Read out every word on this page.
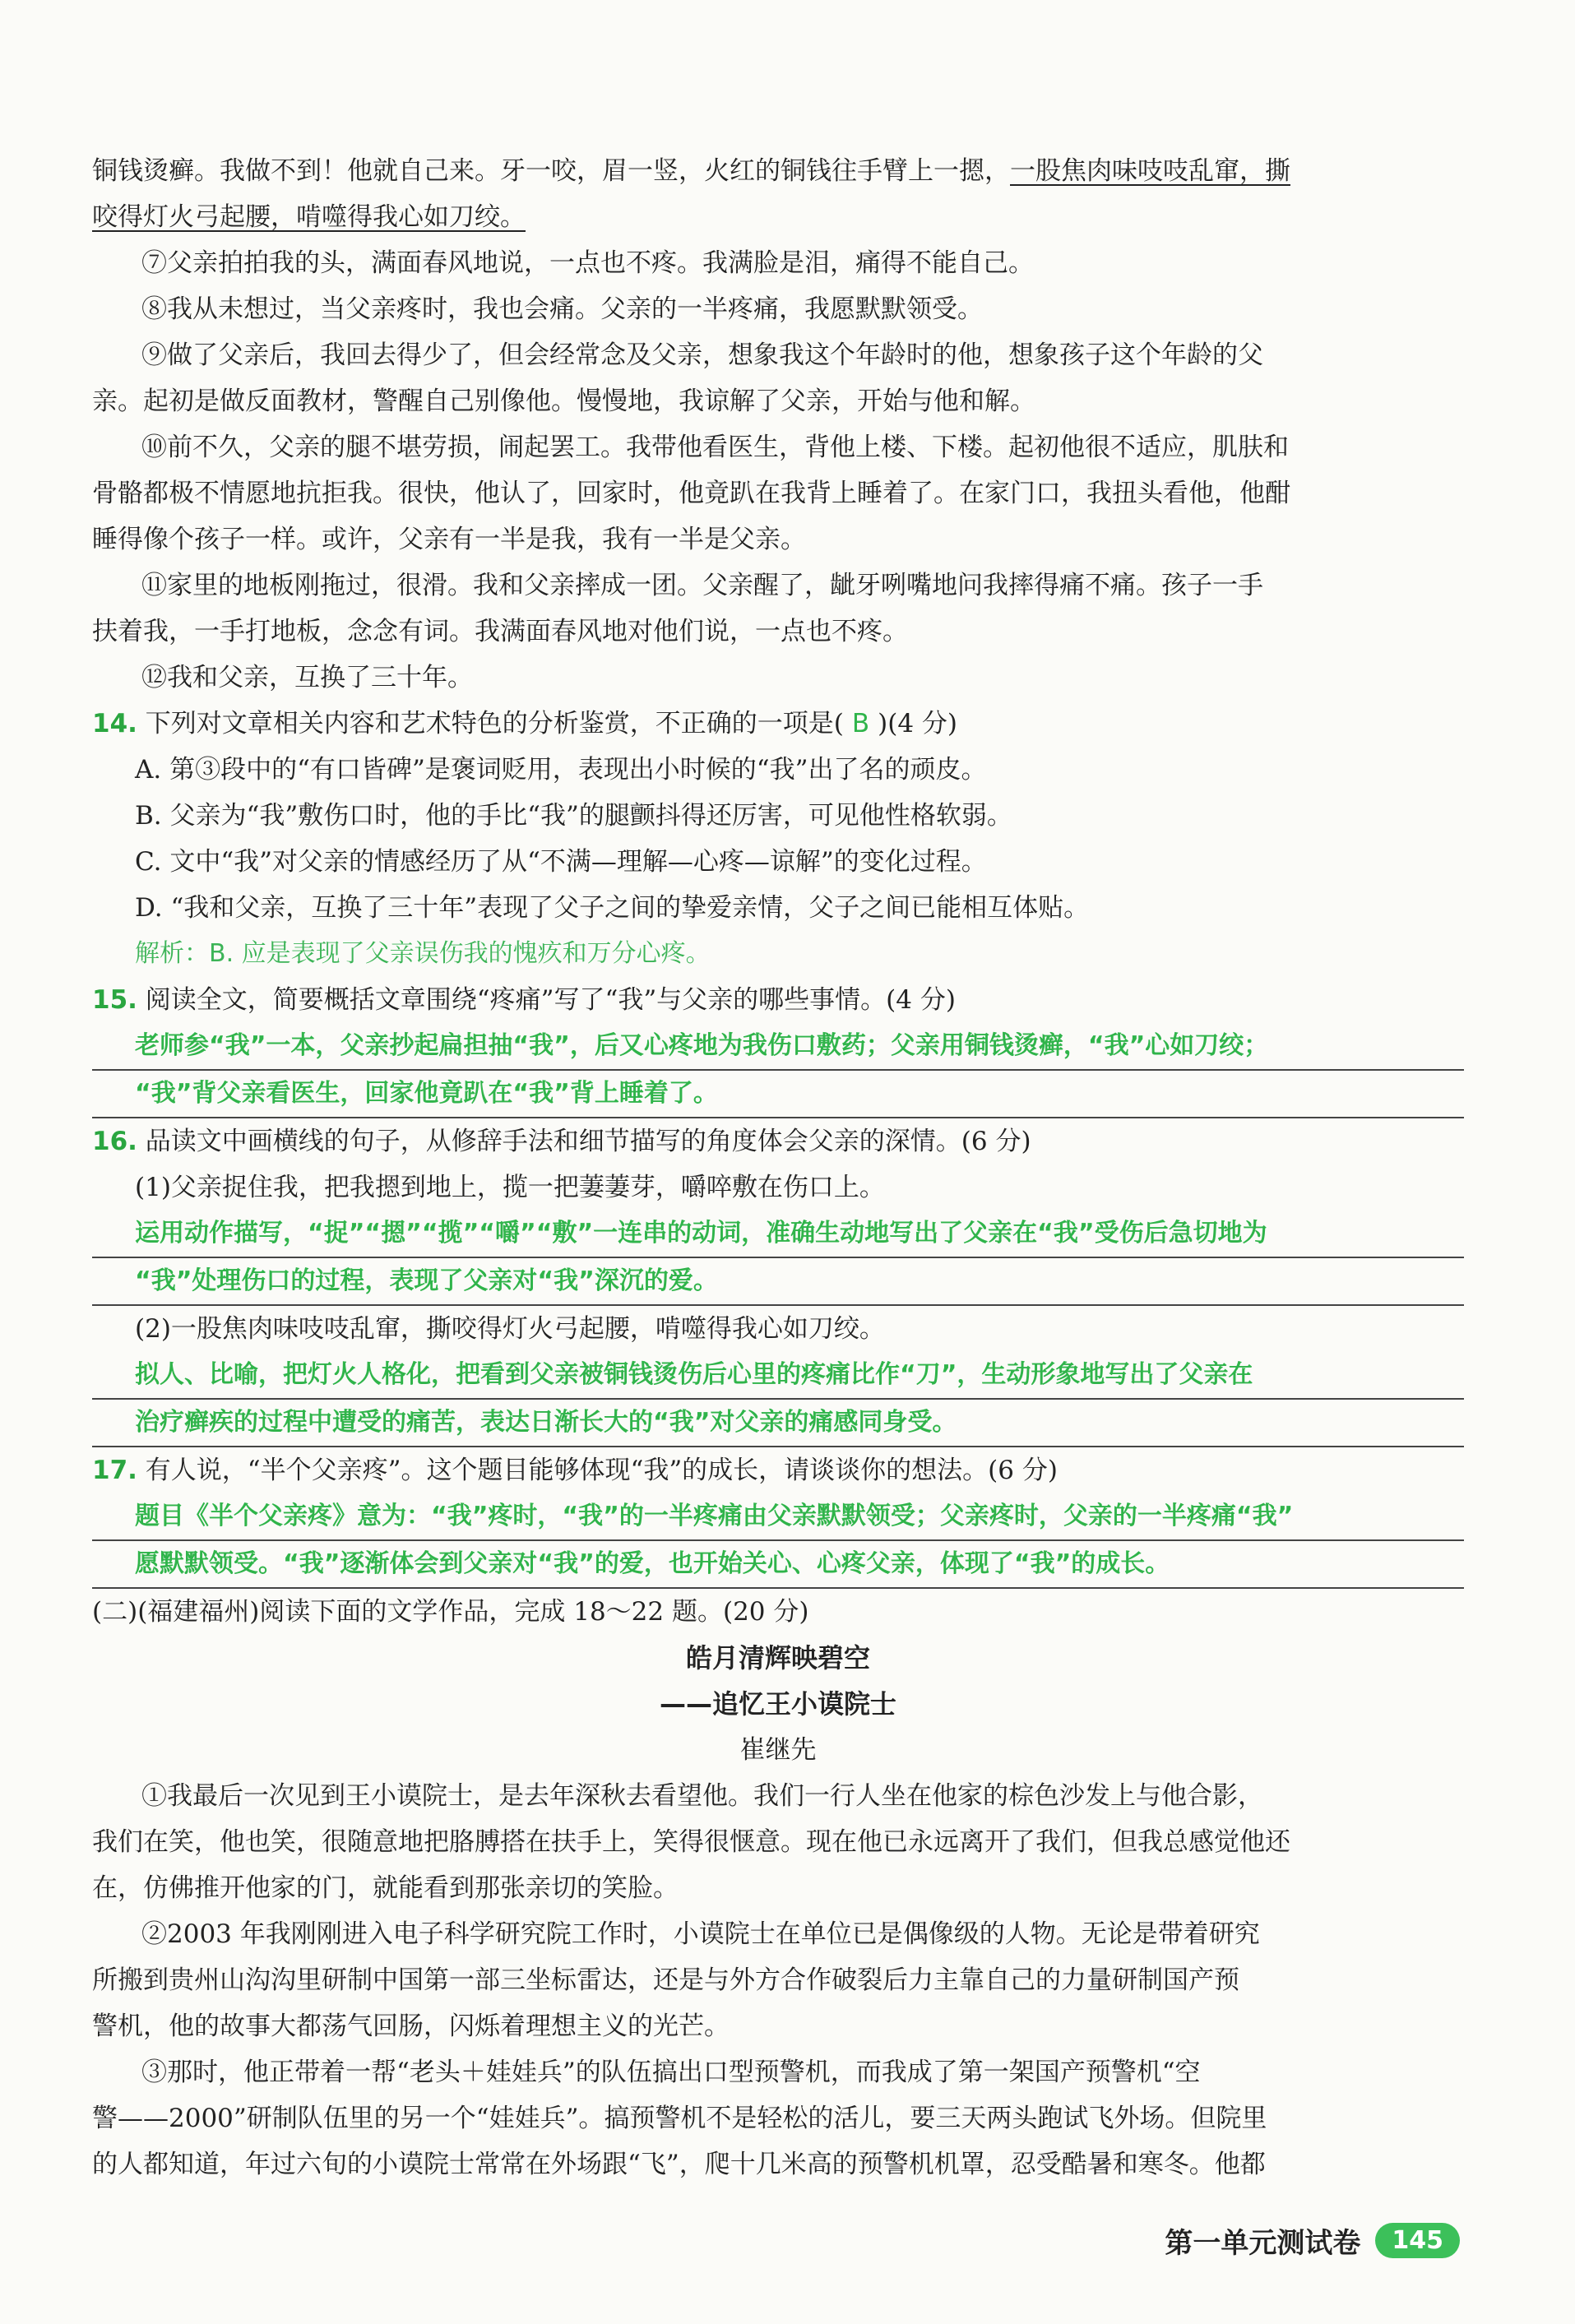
铜钱烫癣。我做不到！他就自己来。牙一咬，眉一竖，火红的铜钱往手臂上一摁，一股焦肉味吱吱乱窜，撕
咬得灯火弓起腰，啃噬得我心如刀绞。
⑦父亲拍拍我的头，满面春风地说，一点也不疼。我满脸是泪，痛得不能自己。
⑧我从未想过，当父亲疼时，我也会痛。父亲的一半疼痛，我愿默默领受。
⑨做了父亲后，我回去得少了，但会经常念及父亲，想象我这个年龄时的他，想象孩子这个年龄的父
亲。起初是做反面教材，警醒自己别像他。慢慢地，我谅解了父亲，开始与他和解。
⑩前不久，父亲的腿不堪劳损，闹起罢工。我带他看医生，背他上楼、下楼。起初他很不适应，肌肤和
骨骼都极不情愿地抗拒我。很快，他认了，回家时，他竟趴在我背上睡着了。在家门口，我扭头看他，他酣
睡得像个孩子一样。或许，父亲有一半是我，我有一半是父亲。
⑪家里的地板刚拖过，很滑。我和父亲摔成一团。父亲醒了，龇牙咧嘴地问我摔得痛不痛。孩子一手
扶着我，一手打地板，念念有词。我满面春风地对他们说，一点也不疼。
⑫我和父亲，互换了三十年。
14. 下列对文章相关内容和艺术特色的分析鉴赏，不正确的一项是( B )(4 分)
A. 第③段中的“有口皆碑”是褒词贬用，表现出小时候的“我”出了名的顽皮。
B. 父亲为“我”敷伤口时，他的手比“我”的腿颤抖得还厉害，可见他性格软弱。
C. 文中“我”对父亲的情感经历了从“不满—理解—心疼—谅解”的变化过程。
D. “我和父亲，互换了三十年”表现了父子之间的挚爱亲情，父子之间已能相互体贴。
解析：B. 应是表现了父亲误伤我的愧疚和万分心疼。
15. 阅读全文，简要概括文章围绕“疼痛”写了“我”与父亲的哪些事情。(4 分)
老师参“我”一本，父亲抄起扁担抽“我”，后又心疼地为我伤口敷药；父亲用铜钱烫癣，“我”心如刀绞；
“我”背父亲看医生，回家他竟趴在“我”背上睡着了。
16. 品读文中画横线的句子，从修辞手法和细节描写的角度体会父亲的深情。(6 分)
(1)父亲捉住我，把我摁到地上，揽一把萋萋芽，嚼啐敷在伤口上。
运用动作描写，“捉”“摁”“揽”“嚼”“敷”一连串的动词，准确生动地写出了父亲在“我”受伤后急切地为
“我”处理伤口的过程，表现了父亲对“我”深沉的爱。
(2)一股焦肉味吱吱乱窜，撕咬得灯火弓起腰，啃噬得我心如刀绞。
拟人、比喻，把灯火人格化，把看到父亲被铜钱烫伤后心里的疼痛比作“刀”，生动形象地写出了父亲在
治疗癣疾的过程中遭受的痛苦，表达日渐长大的“我”对父亲的痛感同身受。
17. 有人说，“半个父亲疼”。这个题目能够体现“我”的成长，请谈谈你的想法。(6 分)
题目《半个父亲疼》意为：“我”疼时，“我”的一半疼痛由父亲默默领受；父亲疼时，父亲的一半疼痛“我”
愿默默领受。“我”逐渐体会到父亲对“我”的爱，也开始关心、心疼父亲，体现了“我”的成长。
(二)(福建福州)阅读下面的文学作品，完成 18～22 题。(20 分)
皓月清辉映碧空
——追忆王小谟院士
崔继先
①我最后一次见到王小谟院士，是去年深秋去看望他。我们一行人坐在他家的棕色沙发上与他合影，
我们在笑，他也笑，很随意地把胳膊搭在扶手上，笑得很惬意。现在他已永远离开了我们，但我总感觉他还
在，仿佛推开他家的门，就能看到那张亲切的笑脸。
②2003 年我刚刚进入电子科学研究院工作时，小谟院士在单位已是偶像级的人物。无论是带着研究
所搬到贵州山沟沟里研制中国第一部三坐标雷达，还是与外方合作破裂后力主靠自己的力量研制国产预
警机，他的故事大都荡气回肠，闪烁着理想主义的光芒。
③那时，他正带着一帮“老头＋娃娃兵”的队伍搞出口型预警机，而我成了第一架国产预警机“空
警——2000”研制队伍里的另一个“娃娃兵”。搞预警机不是轻松的活儿，要三天两头跑试飞外场。但院里
的人都知道，年过六旬的小谟院士常常在外场跟“飞”，爬十几米高的预警机机罩，忍受酷暑和寒冬。他都
第一单元测试卷	145
